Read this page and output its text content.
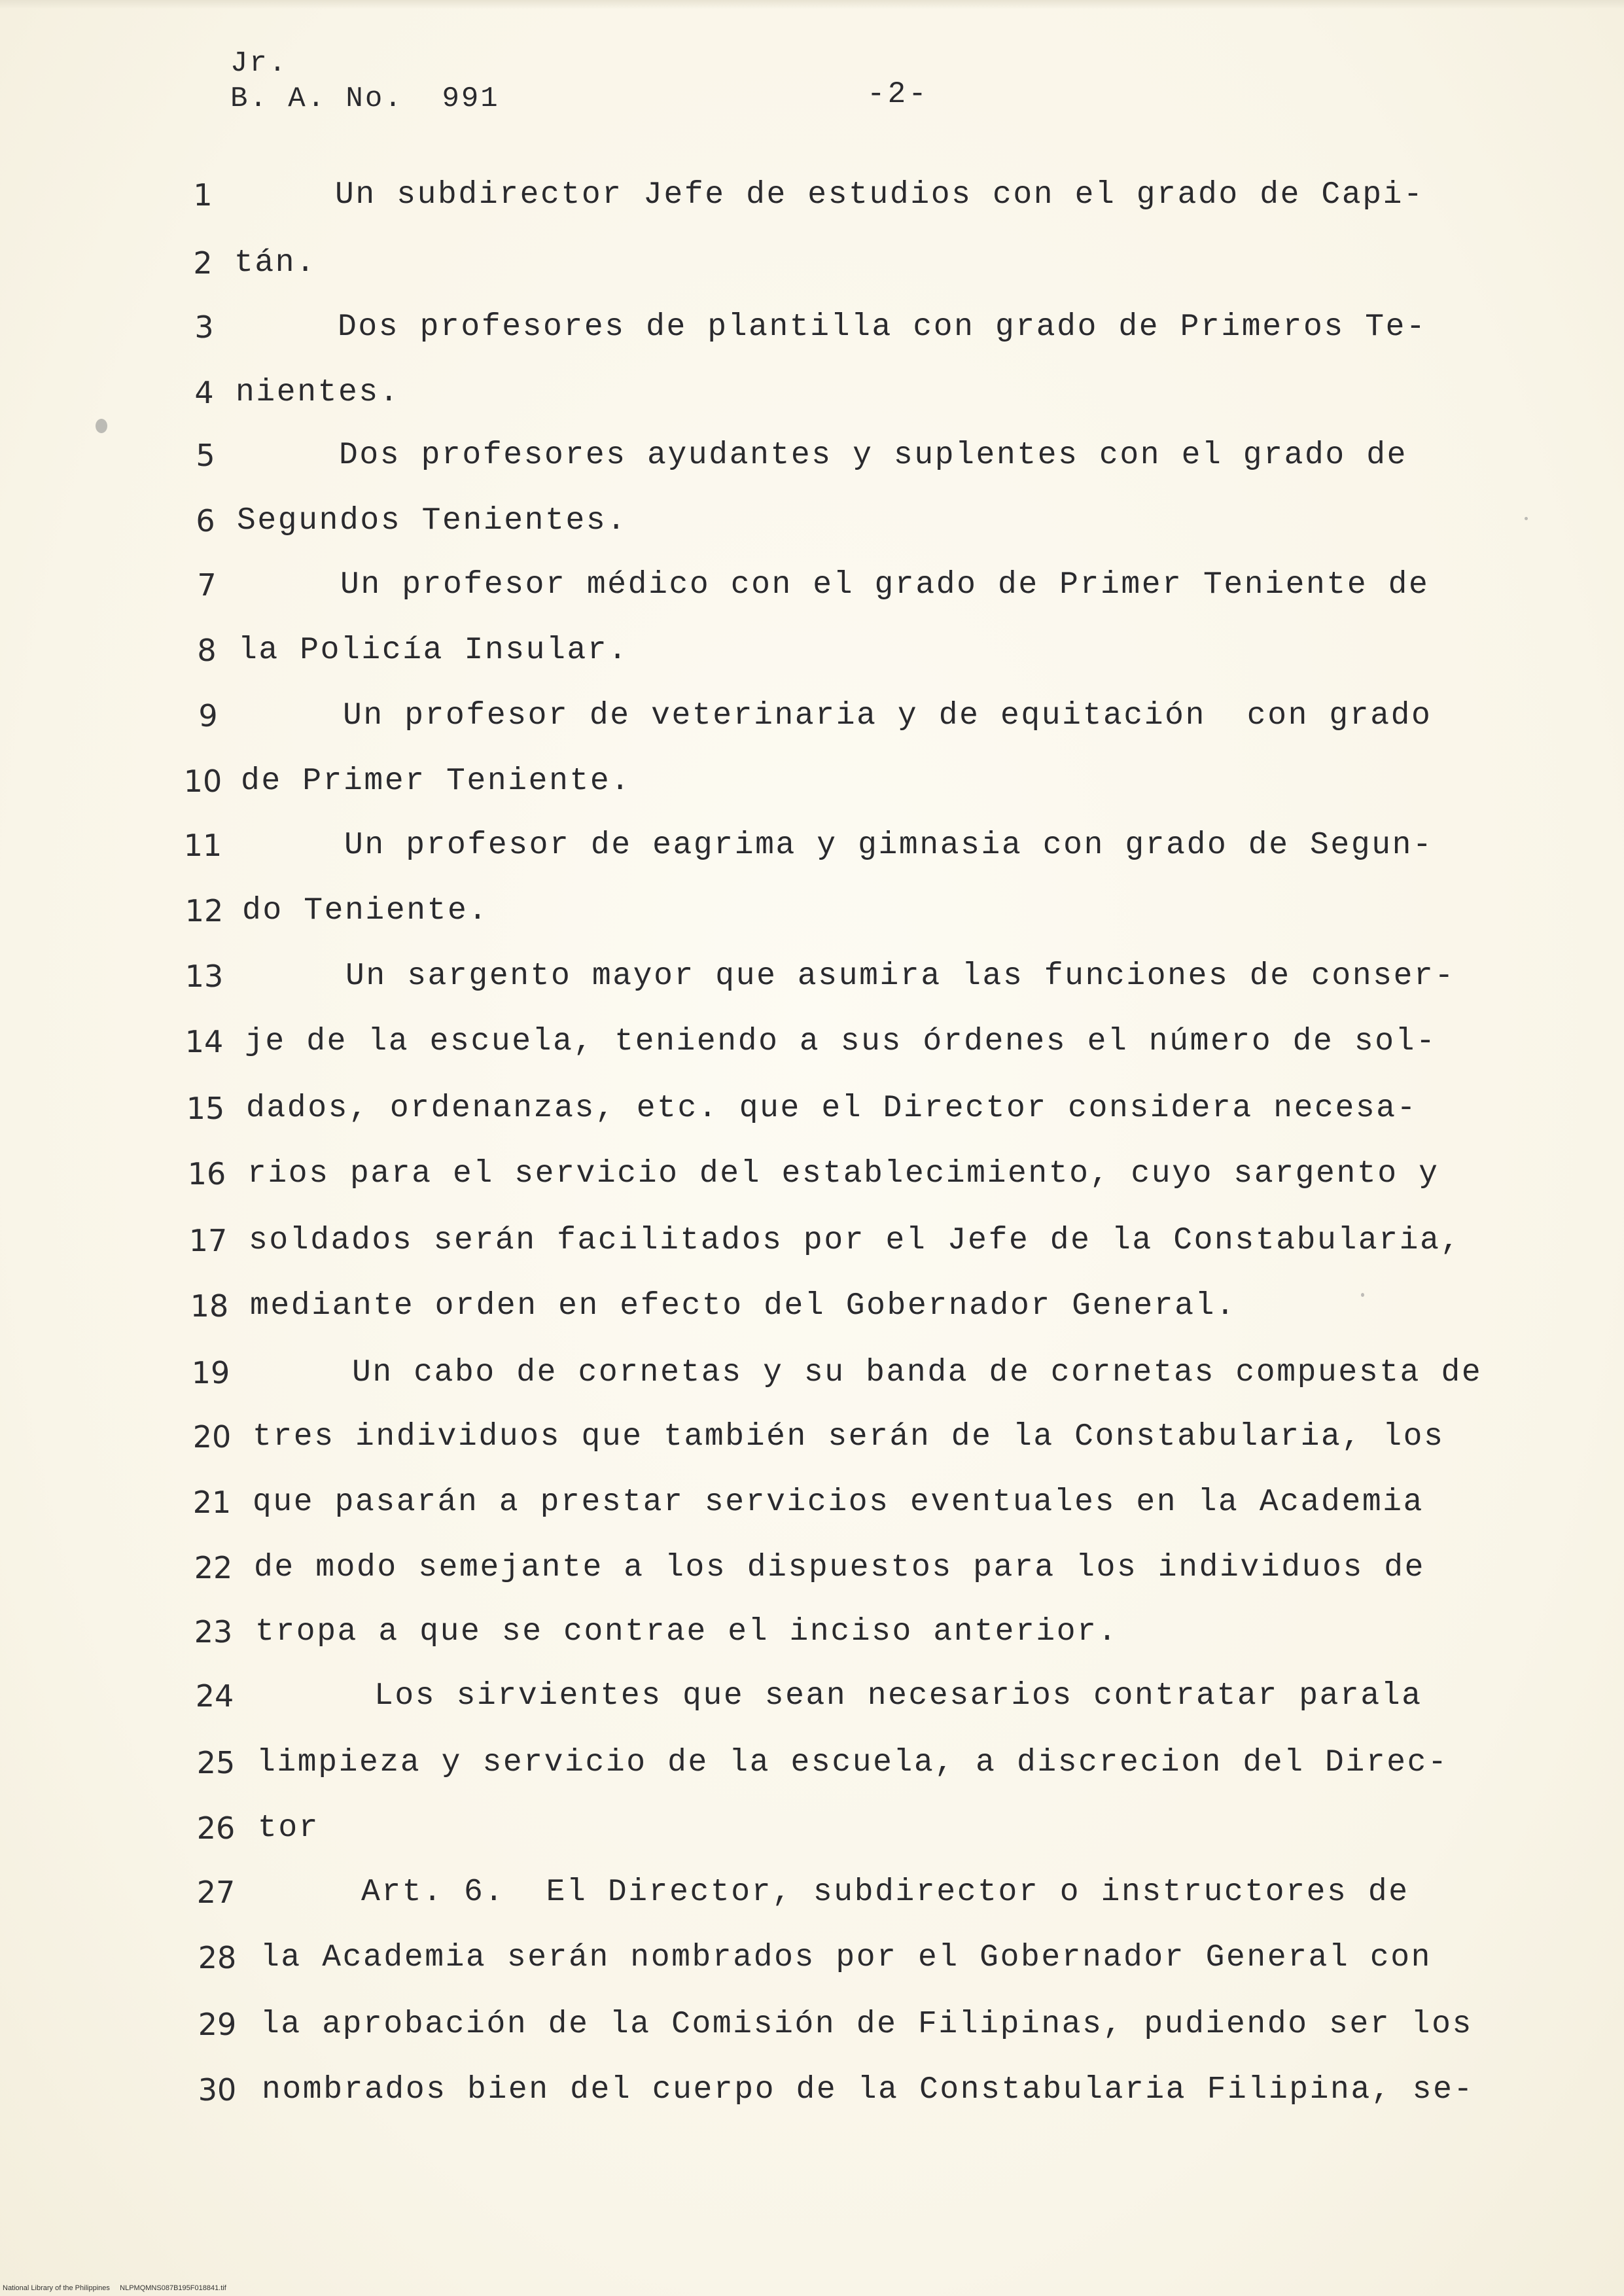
Jr.
B. A. No.  991	-2-
1	Un subdirector Jefe de estudios con el grado de Capi-
2 tán.
3	Dos profesores de plantilla con grado de Primeros Te-
4 nientes.
5	Dos profesores ayudantes y suplentes con el grado de
6 Segundos Tenientes.
7	Un profesor médico con el grado de Primer Teniente de
8 la Policía Insular.
9	Un profesor de veterinaria y de equitación  con grado
10 de Primer Teniente.
11	Un profesor de eagrima y gimnasia con grado de Segun-
12 do Teniente.
13	Un sargento mayor que asumira las funciones de conser-
14 je de la escuela, teniendo a sus órdenes el número de sol-
15 dados, ordenanzas, etc. que el Director considera necesa-
16 rios para el servicio del establecimiento, cuyo sargento y
17 soldados serán facilitados por el Jefe de la Constabularia,
18 mediante orden en efecto del Gobernador General.
19	Un cabo de cornetas y su banda de cornetas compuesta de
20 tres individuos que también serán de la Constabularia, los
21 que pasarán a prestar servicios eventuales en la Academia
22 de modo semejante a los dispuestos para los individuos de
23 tropa a que se contrae el inciso anterior.
24	Los sirvientes que sean necesarios contratar parala
25 limpieza y servicio de la escuela, a discrecion del Direc-
26 tor
27	Art. 6.  El Director, subdirector o instructores de
28 la Academia serán nombrados por el Gobernador General con
29 la aprobación de la Comisión de Filipinas, pudiendo ser los
30 nombrados bien del cuerpo de la Constabularia Filipina, se-
National Library of the Philippines     NLPMQMNS087B195F018841.tif
